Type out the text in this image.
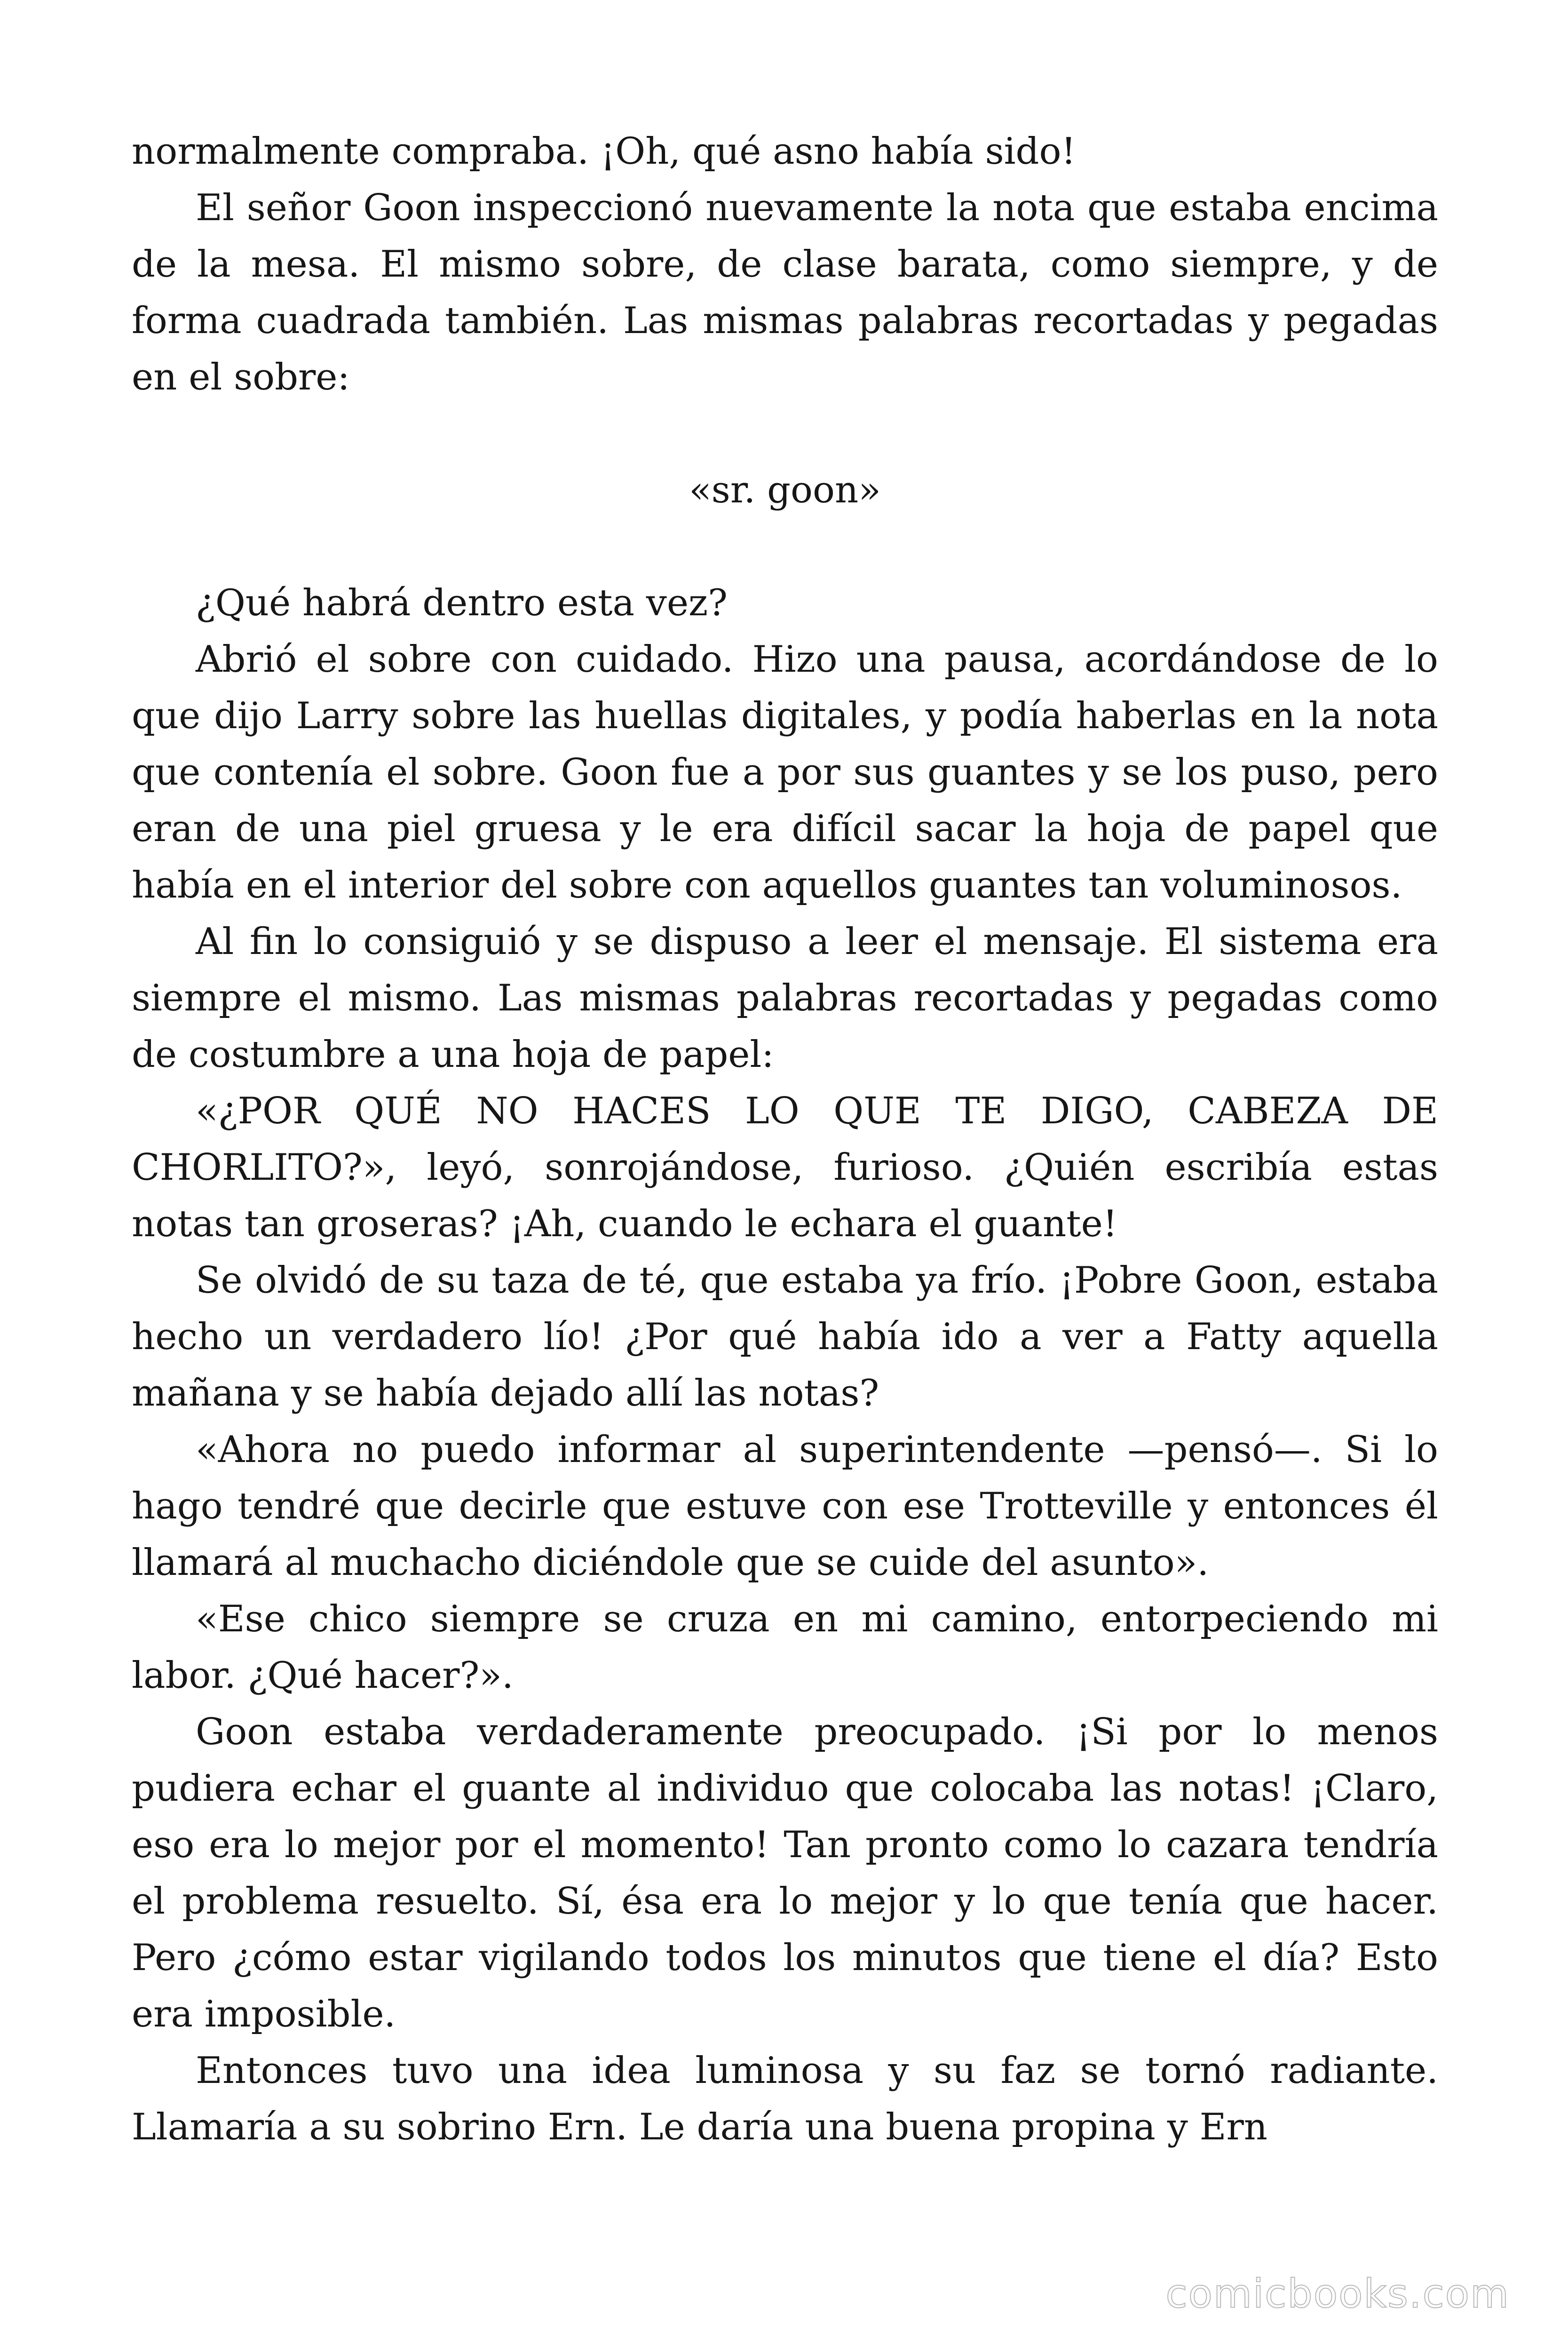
normalmente compraba. ¡Oh, qué asno había sido!

El señor Goon inspeccionó nuevamente la nota que estaba encima de la mesa. El mismo sobre, de clase barata, como siempre, y de forma cuadrada también. Las mismas palabras recortadas y pegadas en el sobre:

«sr. goon»

¿Qué habrá dentro esta vez?

Abrió el sobre con cuidado. Hizo una pausa, acordándose de lo que dijo Larry sobre las huellas digitales, y podía haberlas en la nota que contenía el sobre. Goon fue a por sus guantes y se los puso, pero eran de una piel gruesa y le era difícil sacar la hoja de papel que había en el interior del sobre con aquellos guantes tan voluminosos.

Al fin lo consiguió y se dispuso a leer el mensaje. El sistema era siempre el mismo. Las mismas palabras recortadas y pegadas como de costumbre a una hoja de papel:

«¿POR QUÉ NO HACES LO QUE TE DIGO, CABEZA DE CHORLITO?», leyó, sonrojándose, furioso. ¿Quién escribía estas notas tan groseras? ¡Ah, cuando le echara el guante!

Se olvidó de su taza de té, que estaba ya frío. ¡Pobre Goon, estaba hecho un verdadero lío! ¿Por qué había ido a ver a Fatty aquella mañana y se había dejado allí las notas?

«Ahora no puedo informar al superintendente —pensó—. Si lo hago tendré que decirle que estuve con ese Trotteville y entonces él llamará al muchacho diciéndole que se cuide del asunto».

«Ese chico siempre se cruza en mi camino, entorpeciendo mi labor. ¿Qué hacer?».

Goon estaba verdaderamente preocupado. ¡Si por lo menos pudiera echar el guante al individuo que colocaba las notas! ¡Claro, eso era lo mejor por el momento! Tan pronto como lo cazara tendría el problema resuelto. Sí, ésa era lo mejor y lo que tenía que hacer. Pero ¿cómo estar vigilando todos los minutos que tiene el día? Esto era imposible.

Entonces tuvo una idea luminosa y su faz se tornó radiante. Llamaría a su sobrino Ern. Le daría una buena propina y Ern

comicbooks.com
